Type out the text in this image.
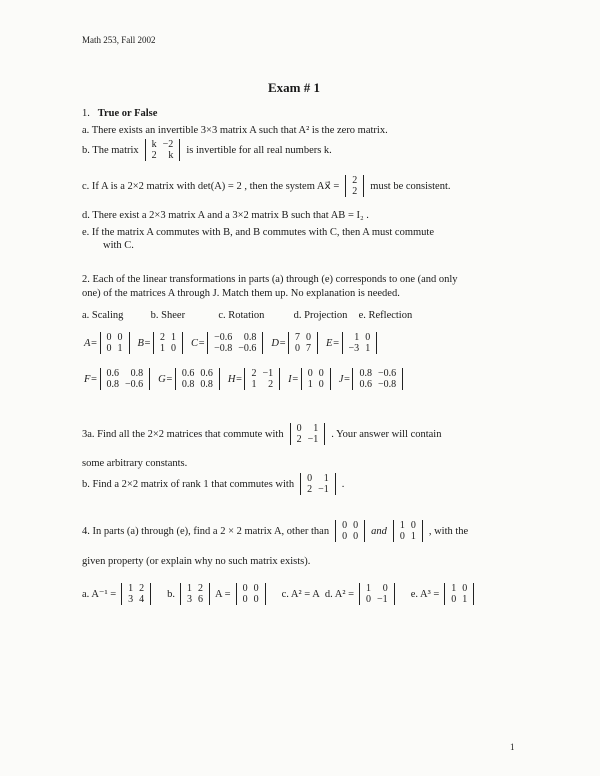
Math 253, Fall 2002
Exam # 1
1. True or False
a. There exists an invertible 3×3 matrix A such that A² is the zero matrix.
b. The matrix k	−2
2	k is invertible for all real numbers k.
c. If A is a 2×2 matrix with det(A) = 2 , then the system Ax⃗ = 2
2 must be consistent.
d. There exist a 2×3 matrix A and a 3×2 matrix B such that AB = I₂ .
e. If the matrix A commutes with B, and B commutes with C, then A must commute
with C.
2. Each of the linear transformations in parts (a) through (e) corresponds to one (and only
one) of the matrices A through J. Match them up. No explanation is needed.
a. Scaling	b. Sheer	c. Rotation	d. Projection e. Reflection
A= 0	0
0	1 B= 2	1
1	0 C= −0.6	0.8
−0.8	−0.6 D= 7	0
0	7 E= 1	0
−3	1
F= 0.6	0.8
0.8	−0.6 G= 0.6	0.6
0.8	0.8 H= 2	−1
1	2 I= 0	0
1	0 J= 0.8	−0.6
0.6	−0.8
3a. Find all the 2×2 matrices that commute with 0	1
2	−1 . Your answer will contain
some arbitrary constants.
b. Find a 2×2 matrix of rank 1 that commutes with 0	1
2	−1 .
4. In parts (a) through (e), find a 2 × 2 matrix A, other than 0	0
0	0 and 1	0
0	1 , with the
given property (or explain why no such matrix exists).
a. A⁻¹ = 1	2
3	4 b. 1	2
3	6 A = 0	0
0	0 c. A² = A d. A² = 1	0
0	−1 e. A³ = 1	0
0	1
1
